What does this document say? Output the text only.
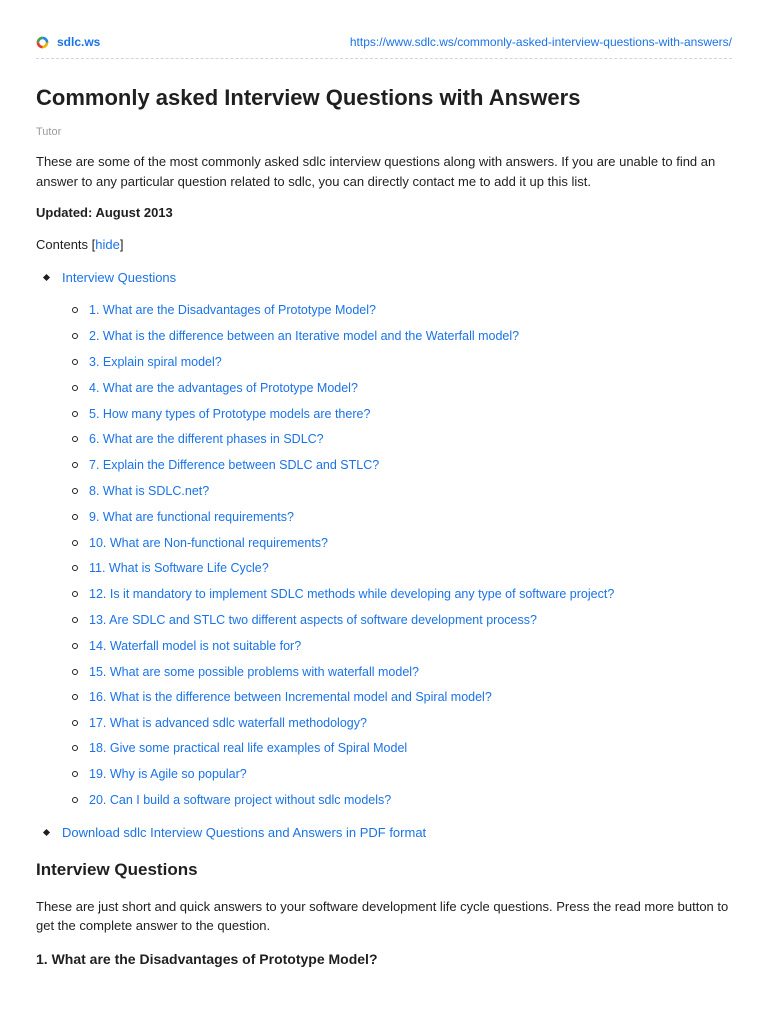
sdlc.ws	https://www.sdlc.ws/commonly-asked-interview-questions-with-answers/
Commonly asked Interview Questions with Answers
Tutor

These are some of the most commonly asked sdlc interview questions along with answers. If you are unable to find an answer to any particular question related to sdlc, you can directly contact me to add it up this list.

Updated: August 2013
Contents [hide]
Interview Questions
1. What are the Disadvantages of Prototype Model?
2. What is the difference between an Iterative model and the Waterfall model?
3. Explain spiral model?
4. What are the advantages of Prototype Model?
5. How many types of Prototype models are there?
6. What are the different phases in SDLC?
7. Explain the Difference between SDLC and STLC?
8. What is SDLC.net?
9. What are functional requirements?
10. What are Non-functional requirements?
11. What is Software Life Cycle?
12. Is it mandatory to implement SDLC methods while developing any type of software project?
13. Are SDLC and STLC two different aspects of software development process?
14. Waterfall model is not suitable for?
15. What are some possible problems with waterfall model?
16. What is the difference between Incremental model and Spiral model?
17. What is advanced sdlc waterfall methodology?
18. Give some practical real life examples of Spiral Model
19. Why is Agile so popular?
20. Can I build a software project without sdlc models?
Download sdlc Interview Questions and Answers in PDF format
Interview Questions

These are just short and quick answers to your software development life cycle questions. Press the read more button to get the complete answer to the question.

1. What are the Disadvantages of Prototype Model?
